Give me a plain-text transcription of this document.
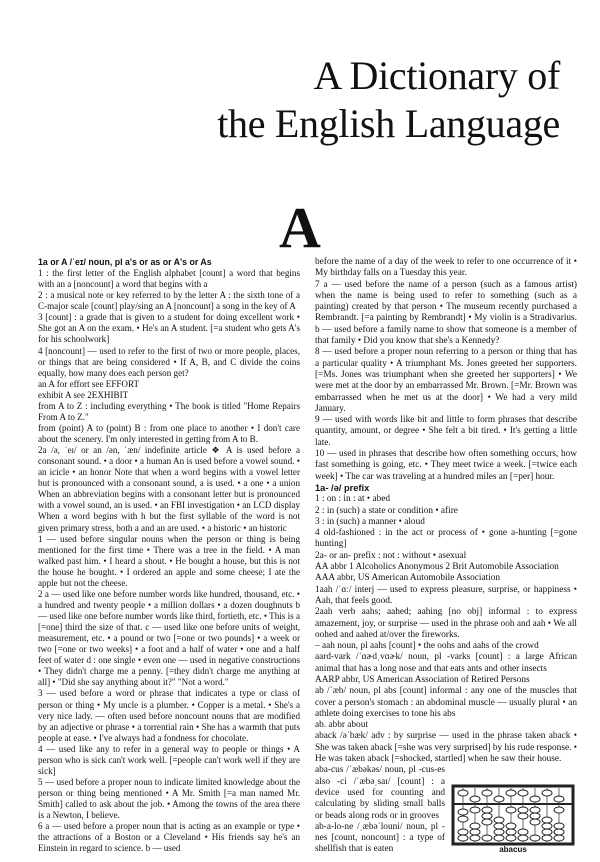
A Dictionary of
the English Language
A

1a or A /ˈeɪ/ noun, pl a's or as or A's or As

1 : the first letter of the English alphabet [count] a word that begins with an a [noncount] a word that begins with a

2 : a musical note or key referred to by the letter A : the sixth tone of a C-major scale [count] play/sing an A [noncount] a song in the key of A

3 [count] : a grade that is given to a student for doing excellent work • She got an A on the exam. • He's an A student. [=a student who gets A's for his schoolwork]

4 [noncount] — used to refer to the first of two or more people, places, or things that are being considered • If A, B, and C divide the coins equally, how many does each person get?

an A for effort see EFFORT

exhibit A see 2EXHIBIT

from A to Z : including everything • The book is titled "Home Repairs From A to Z."

from (point) A to (point) B : from one place to another • I don't care about the scenery. I'm only interested in getting from A to B.

2a /ə, ˈeɪ/ or an /ən, ˈæn/ indefinite article ❖ A is used before a consonant sound. • a door • a human An is used before a vowel sound. • an icicle • an honor Note that when a word begins with a vowel letter but is pronounced with a consonant sound, a is used. • a one • a union When an abbreviation begins with a consonant letter but is pronounced with a vowel sound, an is used. • an FBI investigation • an LCD display When a word begins with h but the first syllable of the word is not given primary stress, both a and an are used. • a historic • an historic

1 — used before singular nouns when the person or thing is being mentioned for the first time • There was a tree in the field. • A man walked past him. • I heard a shout. • He bought a house, but this is not the house he bought. • I ordered an apple and some cheese; I ate the apple but not the cheese.

2 a — used like one before number words like hundred, thousand, etc. • a hundred and twenty people • a million dollars • a dozen doughnuts b — used like one before number words like third, fortieth, etc. • This is a [=one] third the size of that. c — used like one before units of weight, measurement, etc. • a pound or two [=one or two pounds] • a week or two [=one or two weeks] • a foot and a half of water • one and a half feet of water d : one single • even one — used in negative constructions • They didn't charge me a penny. [=they didn't charge me anything at all] • "Did she say anything about it?" "Not a word."

3 — used before a word or phrase that indicates a type or class of person or thing • My uncle is a plumber. • Copper is a metal. • She's a very nice lady. — often used before noncount nouns that are modified by an adjective or phrase • a torrential rain • She has a warmth that puts people at ease. • I've always had a fondness for chocolate.

4 — used like any to refer in a general way to people or things • A person who is sick can't work well. [=people can't work well if they are sick]

5 — used before a proper noun to indicate limited knowledge about the person or thing being mentioned • A Mr. Smith [=a man named Mr. Smith] called to ask about the job. • Among the towns of the area there is a Newton, I believe.

6 a — used before a proper noun that is acting as an example or type • the attractions of a Boston or a Cleveland • His friends say he's an Einstein in regard to science. b — used

before the name of a day of the week to refer to one occurrence of it • My birthday falls on a Tuesday this year.

7 a — used before the name of a person (such as a famous artist) when the name is being used to refer to something (such as a painting) created by that person • The museum recently purchased a Rembrandt. [=a painting by Rembrandt] • My violin is a Stradivarius. b — used before a family name to show that someone is a member of that family • Did you know that she's a Kennedy?

8 — used before a proper noun referring to a person or thing that has a particular quality • A triumphant Ms. Jones greeted her supporters. [=Ms. Jones was triumphant when she greeted her supporters] • We were met at the door by an embarrassed Mr. Brown. [=Mr. Brown was embarrassed when he met us at the door] • We had a very mild January.

9 — used with words like bit and little to form phrases that describe quantity, amount, or degree • She felt a bit tired. • It's getting a little late.

10 — used in phrases that describe how often something occurs, how fast something is going, etc. • They meet twice a week. [=twice each week] • The car was traveling at a hundred miles an [=per] hour.

1a- /ə/ prefix

1 : on : in : at • abed

2 : in (such) a state or condition • afire

3 : in (such) a manner • aloud

4 old-fashioned : in the act or process of • gone a-hunting [=gone hunting]

2a- or an- prefix : not : without • asexual

AA abbr 1 Alcoholics Anonymous 2 Brit Automobile Association

AAA abbr, US American Automobile Association

1aah /ˈɑː/ interj — used to express pleasure, surprise, or happiness • Aah, that feels good.

2aah verb aahs; aahed; aahing [no obj] informal : to express amazement, joy, or surprise — used in the phrase ooh and aah • We all oohed and aahed at/over the fireworks.

– aah noun, pl aahs [count] • the oohs and aahs of the crowd

aard-vark /ˈɑɚdˌvɑɚk/ noun, pl -varks [count] : a large African animal that has a long nose and that eats ants and other insects

AARP abbr, US American Association of Retired Persons

ab /ˈæb/ noun, pl abs [count] informal : any one of the muscles that cover a person's stomach : an abdominal muscle — usually plural • an athlete doing exercises to tone his abs

ab. abbr about

aback /əˈbæk/ adv : by surprise — used in the phrase taken aback • She was taken aback [=she was very surprised] by his rude response. • He was taken aback [=shocked, startled] when he saw their house.

aba-cus /ˈæbəkəs/ noun, pl -cus-es also -ci /ˈæbəˌsaɪ/ [count] : a device used for counting and calculating by sliding small balls or beads along rods or in grooves

ab-a-lo-ne /ˌæbəˈlouni/ noun, pl -nes [count, noncount] : a type of shellfish that is eaten	abacus
